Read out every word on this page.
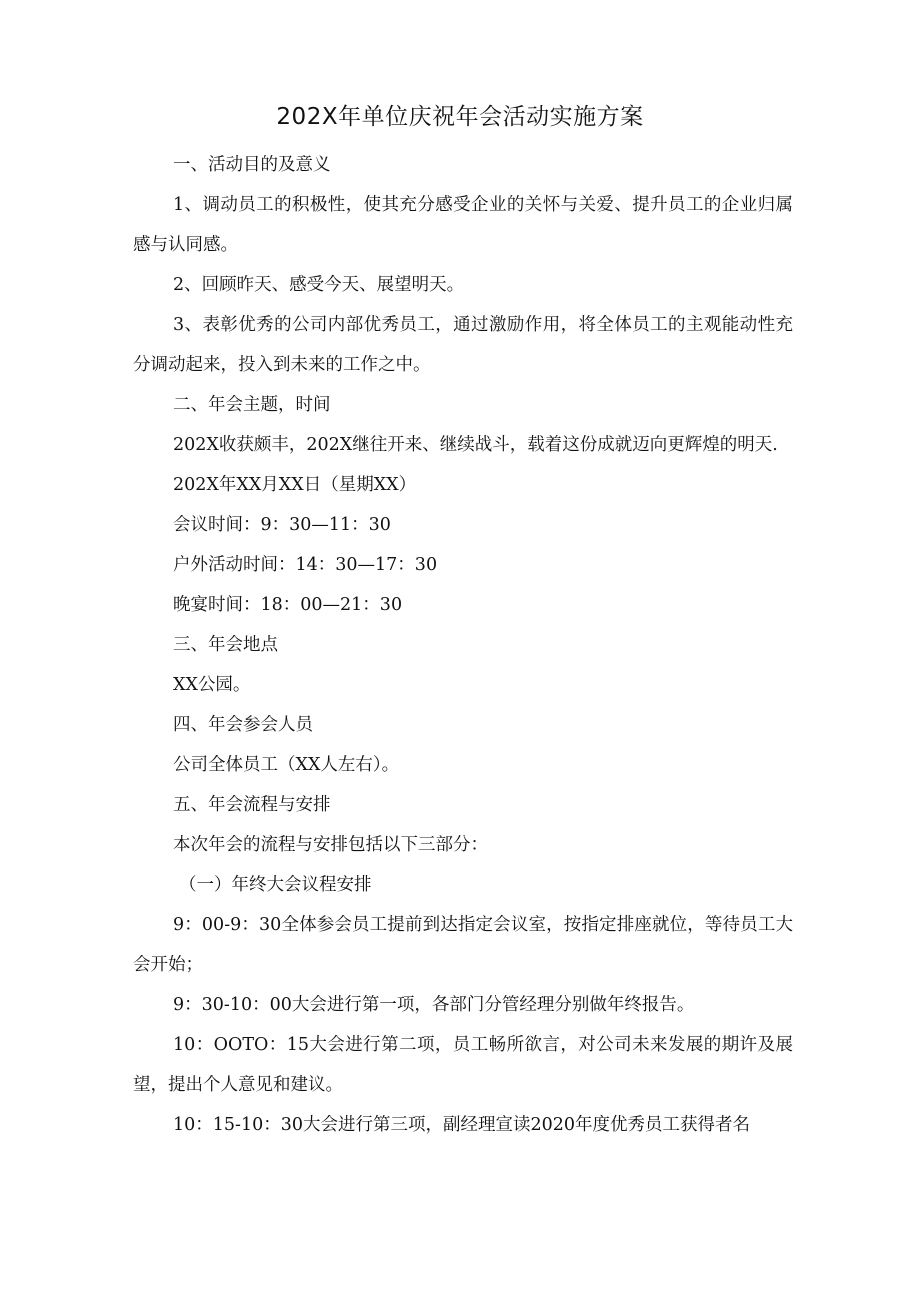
202X年单位庆祝年会活动实施方案

一、活动目的及意义

1、调动员工的积极性，使其充分感受企业的关怀与关爱、提升员工的企业归属感与认同感。

2、回顾昨天、感受今天、展望明天。

3、表彰优秀的公司内部优秀员工，通过激励作用，将全体员工的主观能动性充分调动起来，投入到未来的工作之中。

二、年会主题，时间

202X收获颇丰，202X继往开来、继续战斗，载着这份成就迈向更辉煌的明天.

202X年XX月XX日（星期XX）

会议时间：9：30—11：30

户外活动时间：14：30—17：30

晚宴时间：18：00—21：30

三、年会地点

XX公园。

四、年会参会人员

公司全体员工（XX人左右）。

五、年会流程与安排

本次年会的流程与安排包括以下三部分：

（一）年终大会议程安排

9：00-9：30全体参会员工提前到达指定会议室，按指定排座就位，等待员工大会开始；

9：30-10：00大会进行第一项，各部门分管经理分别做年终报告。

10：OOTO：15大会进行第二项，员工畅所欲言，对公司未来发展的期许及展望，提出个人意见和建议。

10：15-10：30大会进行第三项，副经理宣读2020年度优秀员工获得者名
